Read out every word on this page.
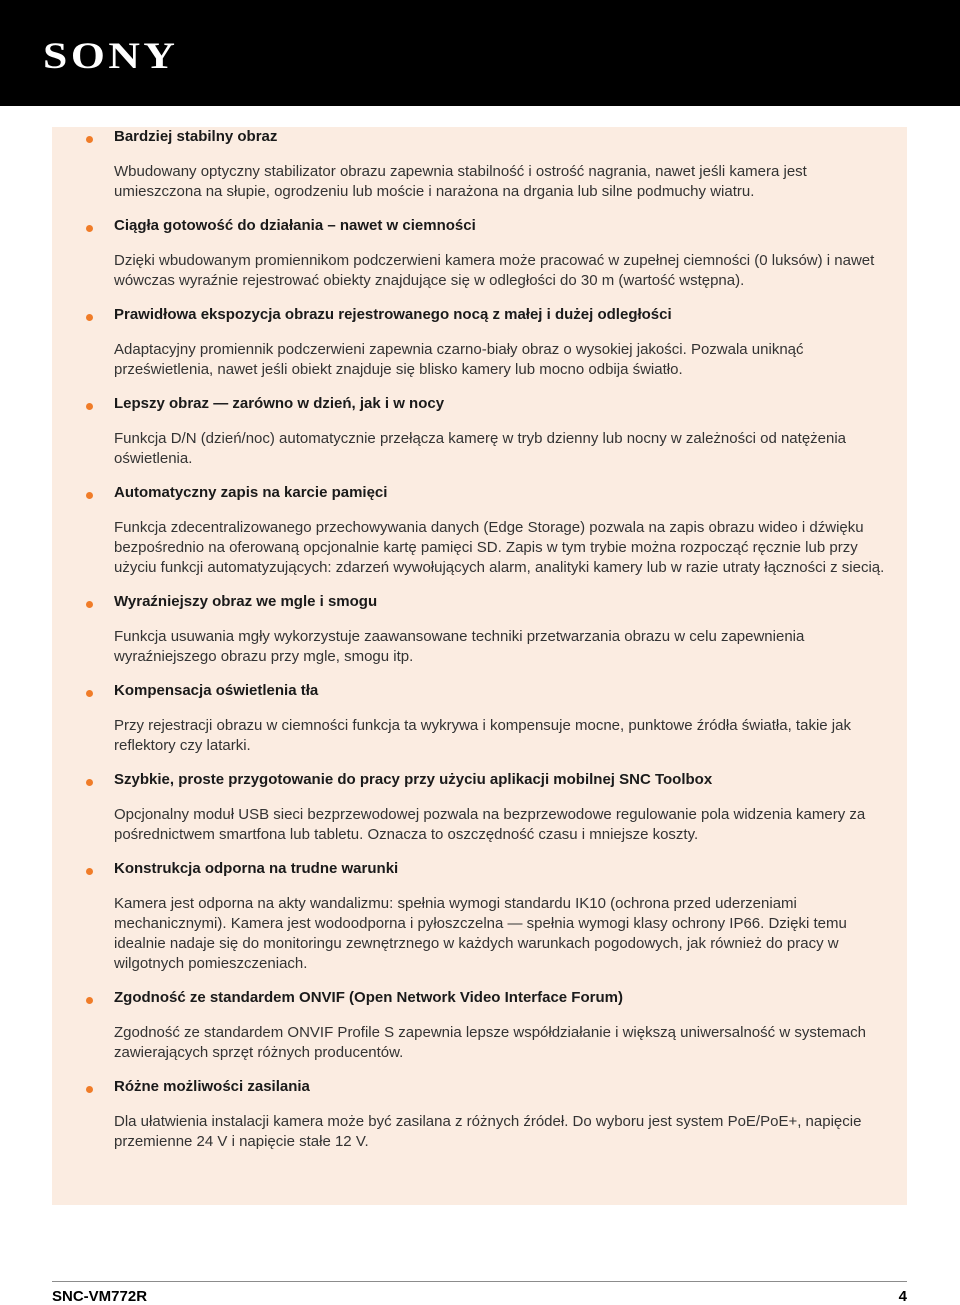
SONY

Bardziej stabilny obraz

Wbudowany optyczny stabilizator obrazu zapewnia stabilność i ostrość nagrania, nawet jeśli kamera jest umieszczona na słupie, ogrodzeniu lub moście i narażona na drgania lub silne podmuchy wiatru.

Ciągła gotowość do działania – nawet w ciemności

Dzięki wbudowanym promiennikom podczerwieni kamera może pracować w zupełnej ciemności (0 luksów) i nawet wówczas wyraźnie rejestrować obiekty znajdujące się w odległości do 30 m (wartość wstępna).

Prawidłowa ekspozycja obrazu rejestrowanego nocą z małej i dużej odległości

Adaptacyjny promiennik podczerwieni zapewnia czarno-biały obraz o wysokiej jakości. Pozwala uniknąć prześwietlenia, nawet jeśli obiekt znajduje się blisko kamery lub mocno odbija światło.

Lepszy obraz — zarówno w dzień, jak i w nocy

Funkcja D/N (dzień/noc) automatycznie przełącza kamerę w tryb dzienny lub nocny w zależności od natężenia oświetlenia.

Automatyczny zapis na karcie pamięci

Funkcja zdecentralizowanego przechowywania danych (Edge Storage) pozwala na zapis obrazu wideo i dźwięku bezpośrednio na oferowaną opcjonalnie kartę pamięci SD. Zapis w tym trybie można rozpocząć ręcznie lub przy użyciu funkcji automatyzujących: zdarzeń wywołujących alarm, analityki kamery lub w razie utraty łączności z siecią.

Wyraźniejszy obraz we mgle i smogu

Funkcja usuwania mgły wykorzystuje zaawansowane techniki przetwarzania obrazu w celu zapewnienia wyraźniejszego obrazu przy mgle, smogu itp.

Kompensacja oświetlenia tła

Przy rejestracji obrazu w ciemności funkcja ta wykrywa i kompensuje mocne, punktowe źródła światła, takie jak reflektory czy latarki.

Szybkie, proste przygotowanie do pracy przy użyciu aplikacji mobilnej SNC Toolbox

Opcjonalny moduł USB sieci bezprzewodowej pozwala na bezprzewodowe regulowanie pola widzenia kamery za pośrednictwem smartfona lub tabletu. Oznacza to oszczędność czasu i mniejsze koszty.

Konstrukcja odporna na trudne warunki

Kamera jest odporna na akty wandalizmu: spełnia wymogi standardu IK10 (ochrona przed uderzeniami mechanicznymi). Kamera jest wodoodporna i pyłoszczelna — spełnia wymogi klasy ochrony IP66. Dzięki temu idealnie nadaje się do monitoringu zewnętrznego w każdych warunkach pogodowych, jak również do pracy w wilgotnych pomieszczeniach.

Zgodność ze standardem ONVIF (Open Network Video Interface Forum)

Zgodność ze standardem ONVIF Profile S zapewnia lepsze współdziałanie i większą uniwersalność w systemach zawierających sprzęt różnych producentów.

Różne możliwości zasilania

Dla ułatwienia instalacji kamera może być zasilana z różnych źródeł. Do wyboru jest system PoE/PoE+, napięcie przemienne 24 V i napięcie stałe 12 V.

SNC-VM772R	4
